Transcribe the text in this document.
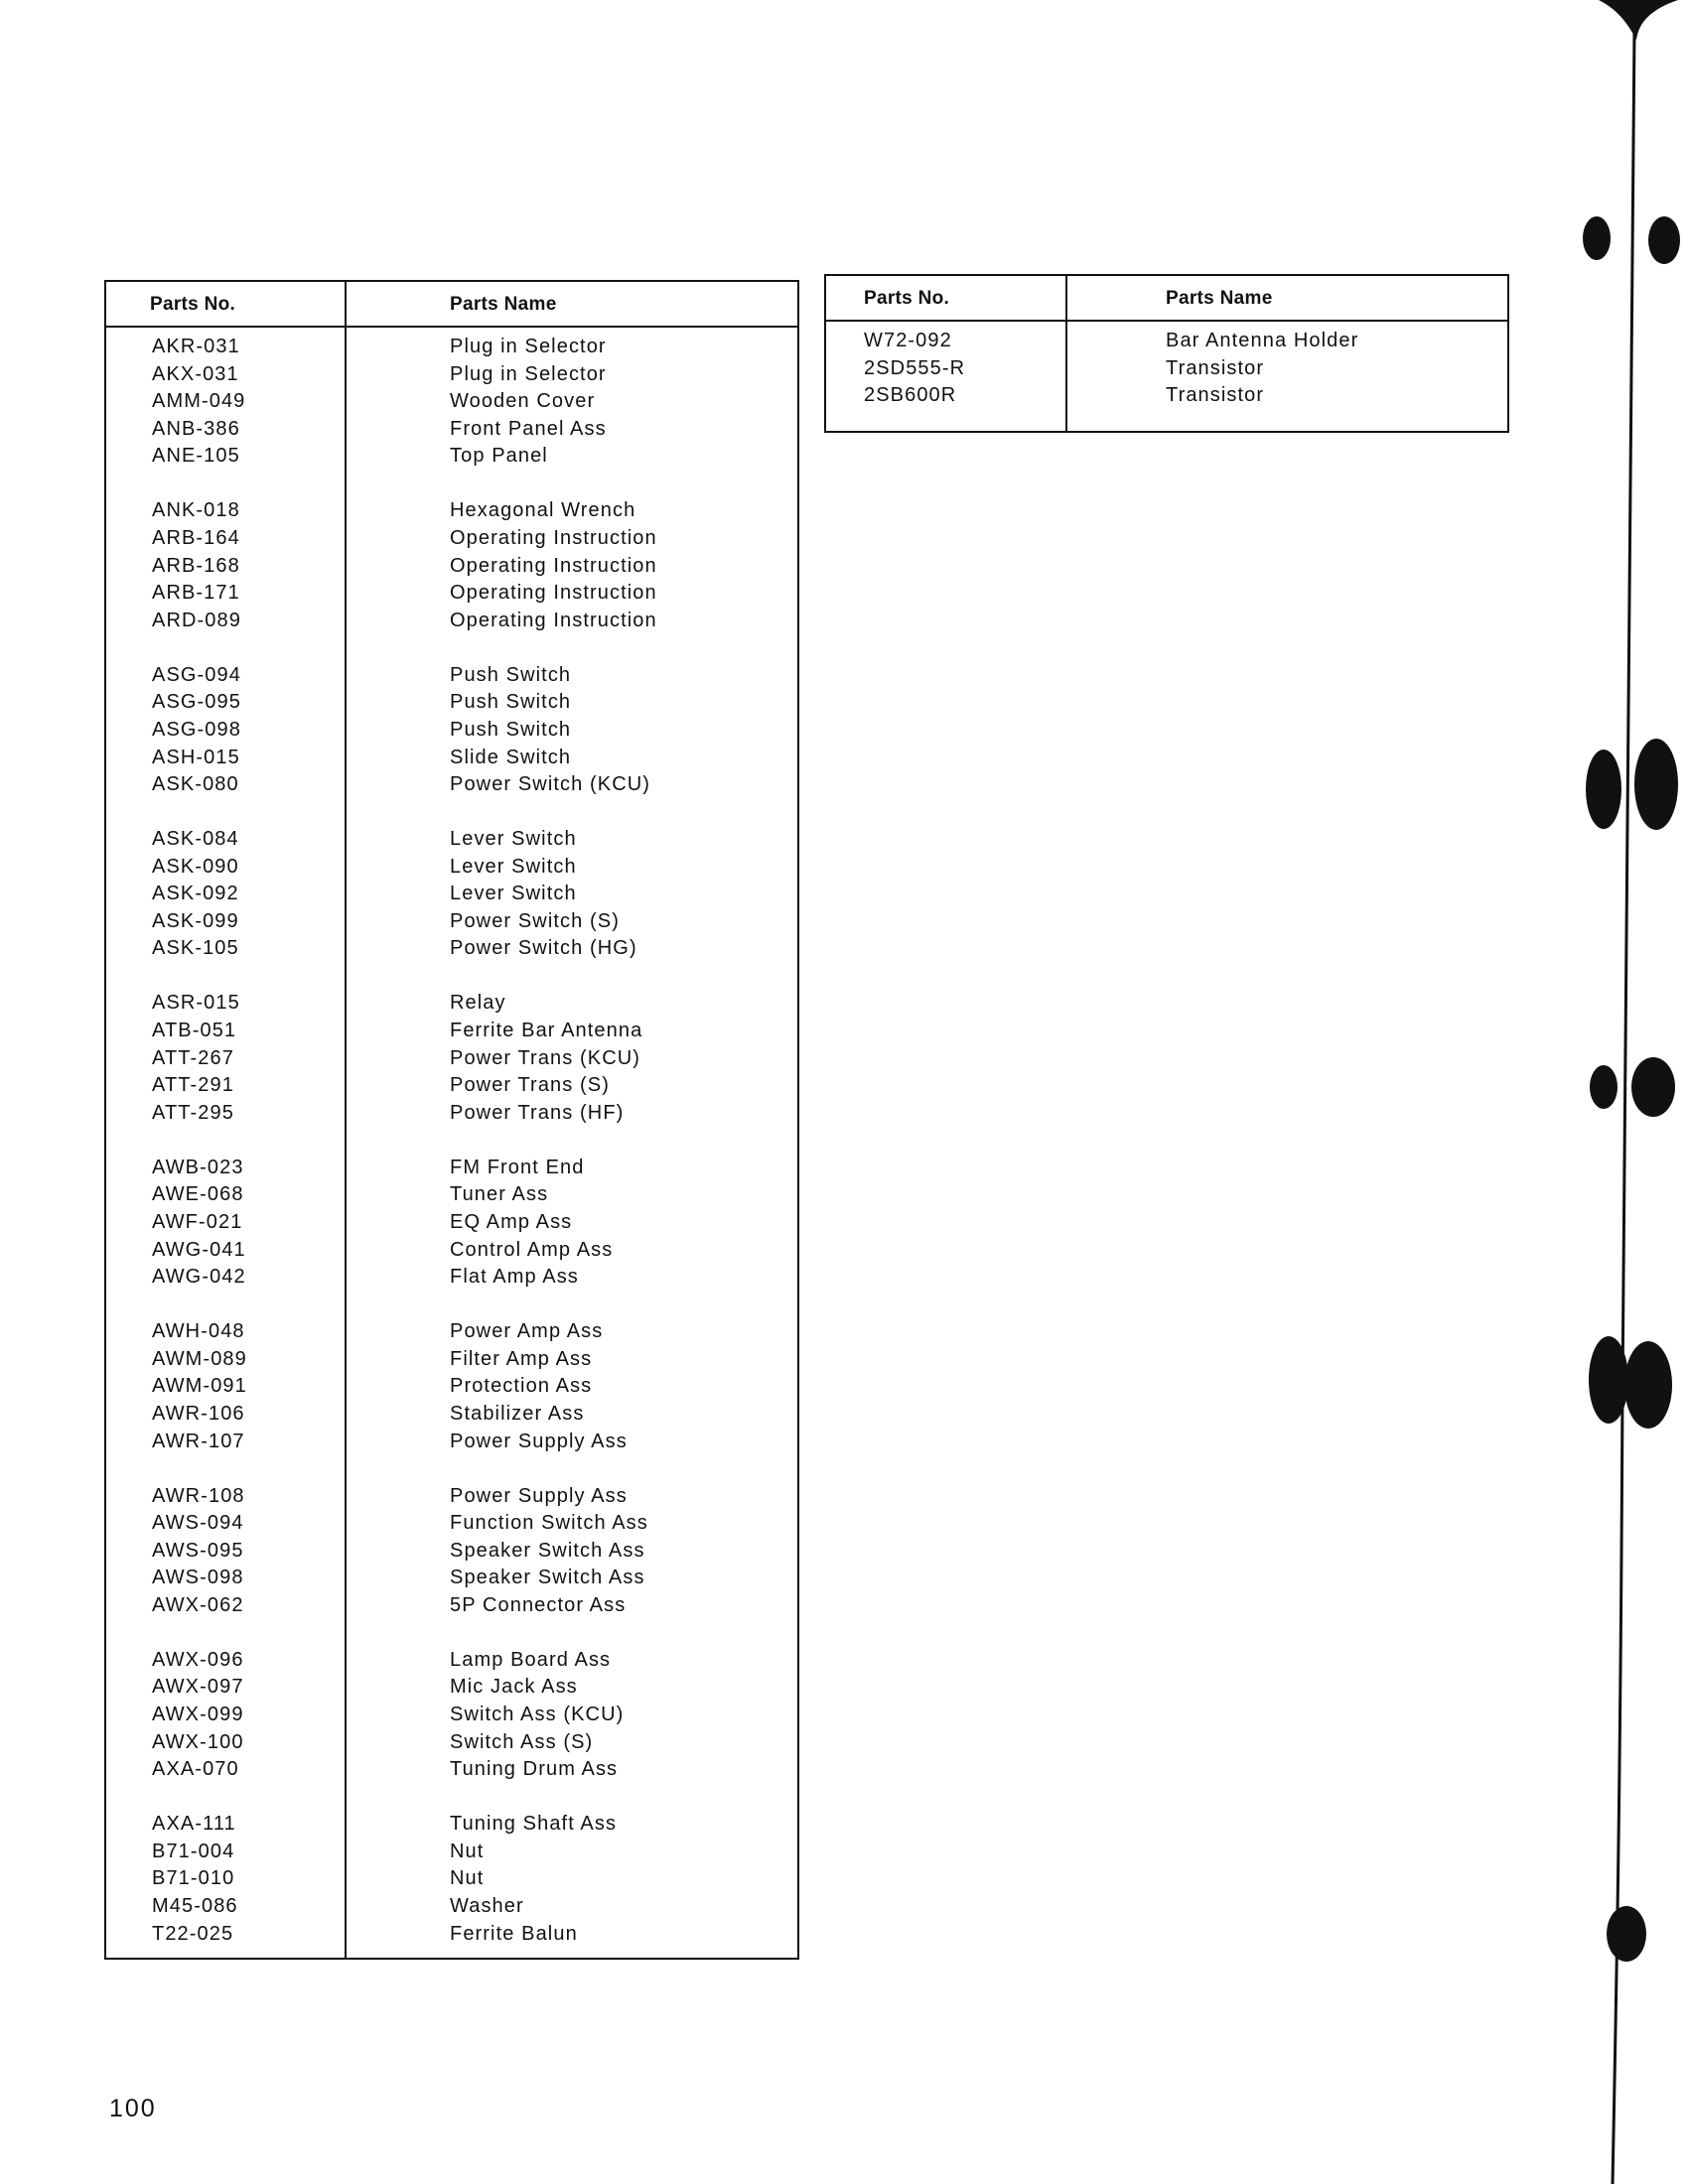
Parts No.	Parts Name
AKR-031	Plug in Selector
AKX-031	Plug in Selector
AMM-049	Wooden Cover
ANB-386	Front Panel Ass
ANE-105	Top Panel
ANK-018	Hexagonal Wrench
ARB-164	Operating Instruction
ARB-168	Operating Instruction
ARB-171	Operating Instruction
ARD-089	Operating Instruction
ASG-094	Push Switch
ASG-095	Push Switch
ASG-098	Push Switch
ASH-015	Slide Switch
ASK-080	Power Switch (KCU)
ASK-084	Lever Switch
ASK-090	Lever Switch
ASK-092	Lever Switch
ASK-099	Power Switch (S)
ASK-105	Power Switch (HG)
ASR-015	Relay
ATB-051	Ferrite Bar Antenna
ATT-267	Power Trans (KCU)
ATT-291	Power Trans (S)
ATT-295	Power Trans (HF)
AWB-023	FM Front End
AWE-068	Tuner Ass
AWF-021	EQ Amp Ass
AWG-041	Control Amp Ass
AWG-042	Flat Amp Ass
AWH-048	Power Amp Ass
AWM-089	Filter Amp Ass
AWM-091	Protection Ass
AWR-106	Stabilizer Ass
AWR-107	Power Supply Ass
AWR-108	Power Supply Ass
AWS-094	Function Switch Ass
AWS-095	Speaker Switch Ass
AWS-098	Speaker Switch Ass
AWX-062	5P Connector Ass
AWX-096	Lamp Board Ass
AWX-097	Mic Jack Ass
AWX-099	Switch Ass (KCU)
AWX-100	Switch Ass (S)
AXA-070	Tuning Drum Ass
AXA-111	Tuning Shaft Ass
B71-004	Nut
B71-010	Nut
M45-086	Washer
T22-025	Ferrite Balun
Parts No.	Parts Name
W72-092	Bar Antenna Holder
2SD555-R	Transistor
2SB600R	Transistor
100
